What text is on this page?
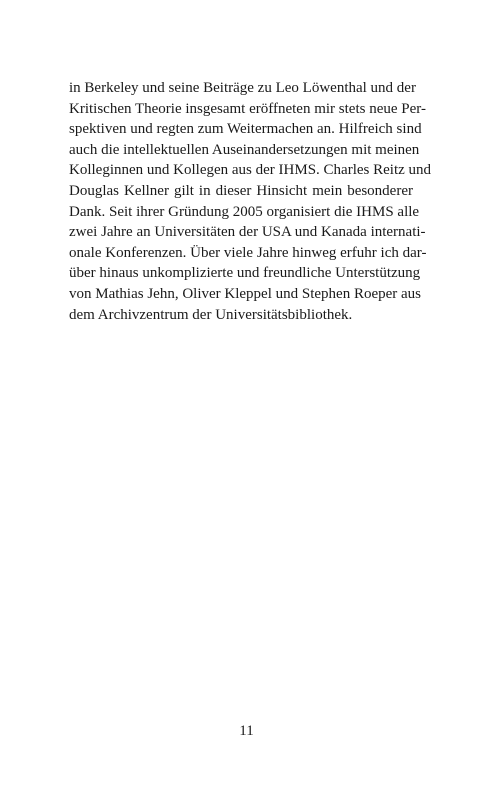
in Berkeley und seine Beiträge zu Leo Löwenthal und der
Kritischen Theorie insgesamt eröffneten mir stets neue Per-
spektiven und regten zum Weitermachen an. Hilfreich sind
auch die intellektuellen Auseinandersetzungen mit meinen
Kolleginnen und Kollegen aus der IHMS. Charles Reitz und
Douglas Kellner gilt in dieser Hinsicht mein besonderer
Dank. Seit ihrer Gründung 2005 organisiert die IHMS alle
zwei Jahre an Universitäten der USA und Kanada internati-
onale Konferenzen. Über viele Jahre hinweg erfuhr ich dar-
über hinaus unkomplizierte und freundliche Unterstützung
von Mathias Jehn, Oliver Kleppel und Stephen Roeper aus
dem Archivzentrum der Universitätsbibliothek.
11
